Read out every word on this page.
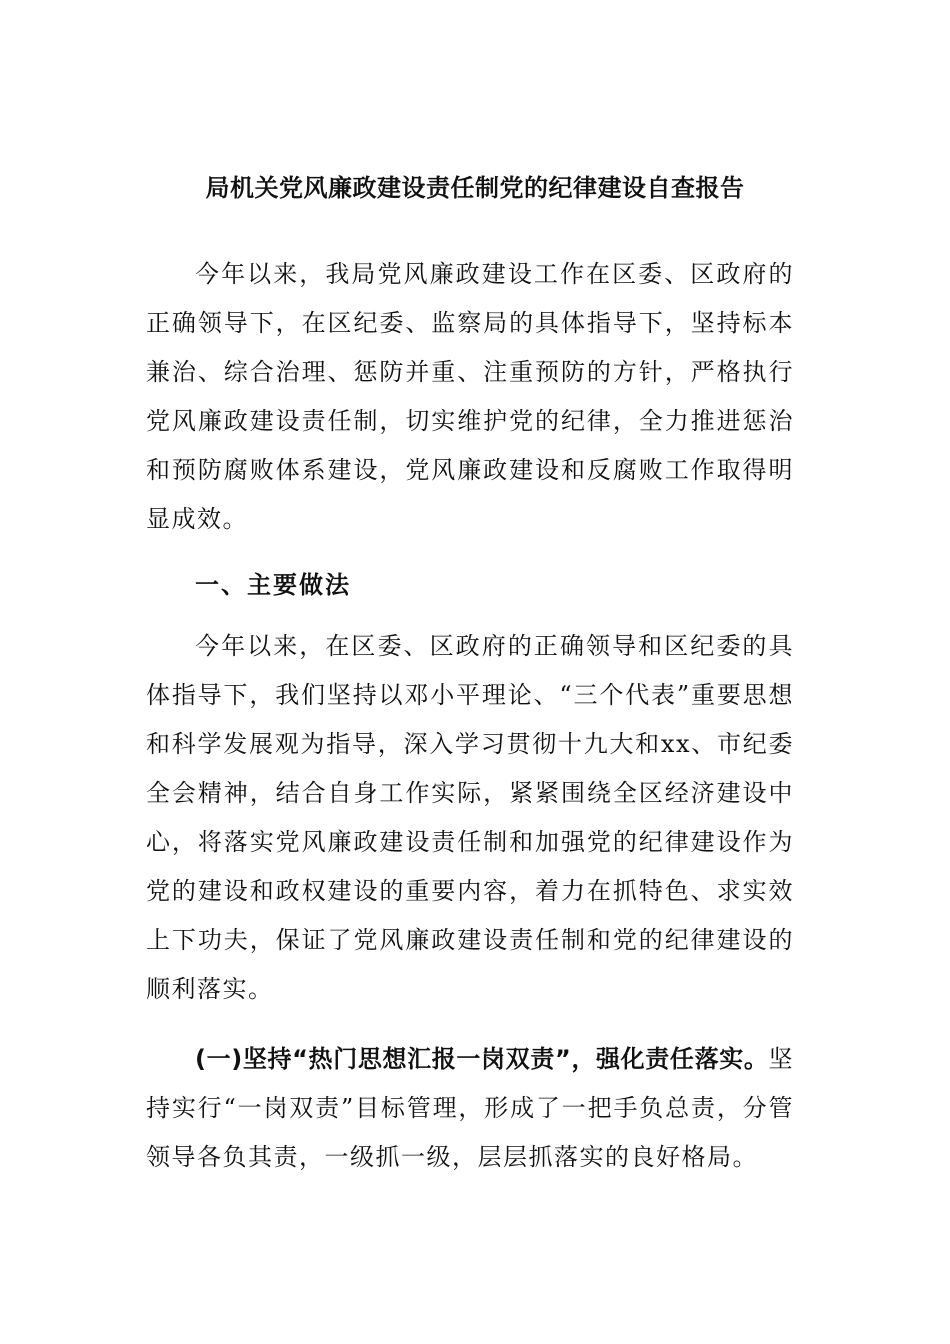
局机关党风廉政建设责任制党的纪律建设自查报告
今年以来，我局党风廉政建设工作在区委、区政府的正确领导下，在区纪委、监察局的具体指导下，坚持标本兼治、综合治理、惩防并重、注重预防的方针，严格执行党风廉政建设责任制，切实维护党的纪律，全力推进惩治和预防腐败体系建设，党风廉政建设和反腐败工作取得明显成效。
一、主要做法
今年以来，在区委、区政府的正确领导和区纪委的具体指导下，我们坚持以邓小平理论、“三个代表”重要思想和科学发展观为指导，深入学习贯彻十九大和xx、市纪委全会精神，结合自身工作实际，紧紧围绕全区经济建设中心，将落实党风廉政建设责任制和加强党的纪律建设作为党的建设和政权建设的重要内容，着力在抓特色、求实效上下功夫，保证了党风廉政建设责任制和党的纪律建设的顺利落实。
(一)坚持“热门思想汇报一岗双责”，强化责任落实。坚持实行“一岗双责”目标管理，形成了一把手负总责，分管领导各负其责，一级抓一级，层层抓落实的良好格局。
